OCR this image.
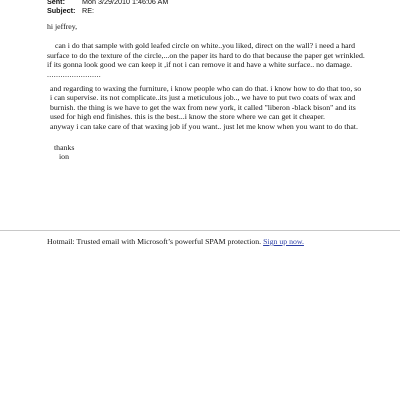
Sent:	Mon 3/29/2010 1:46:06 AM
Subject: RE:

hi jeffrey,

can i do that sample with gold leafed circle on white..you liked, direct on the wall? i need a hard surface to do the texture of the circle,...on the paper its hard to do that because the paper get wrinkled. if its gonna look good we can keep it ,if not i can remove it and have a white surface.. no damage.

........................

and regarding to waxing the furniture, i know people who can do that. i know how to do that too, so i can supervise. its not complicate..its just a meticulous job.., we have to put two coats of wax and burnish. the thing is we have to get the wax from new york, it called "liberon -black bison" and its used for high end finishes. this is the best...i know the store where we can get it cheaper.
anyway i can take care of that waxing job if you want.. just let me know when you want to do that.

thanks
ion
Hotmail: Trusted email with Microsoft’s powerful SPAM protection. Sign up now.
